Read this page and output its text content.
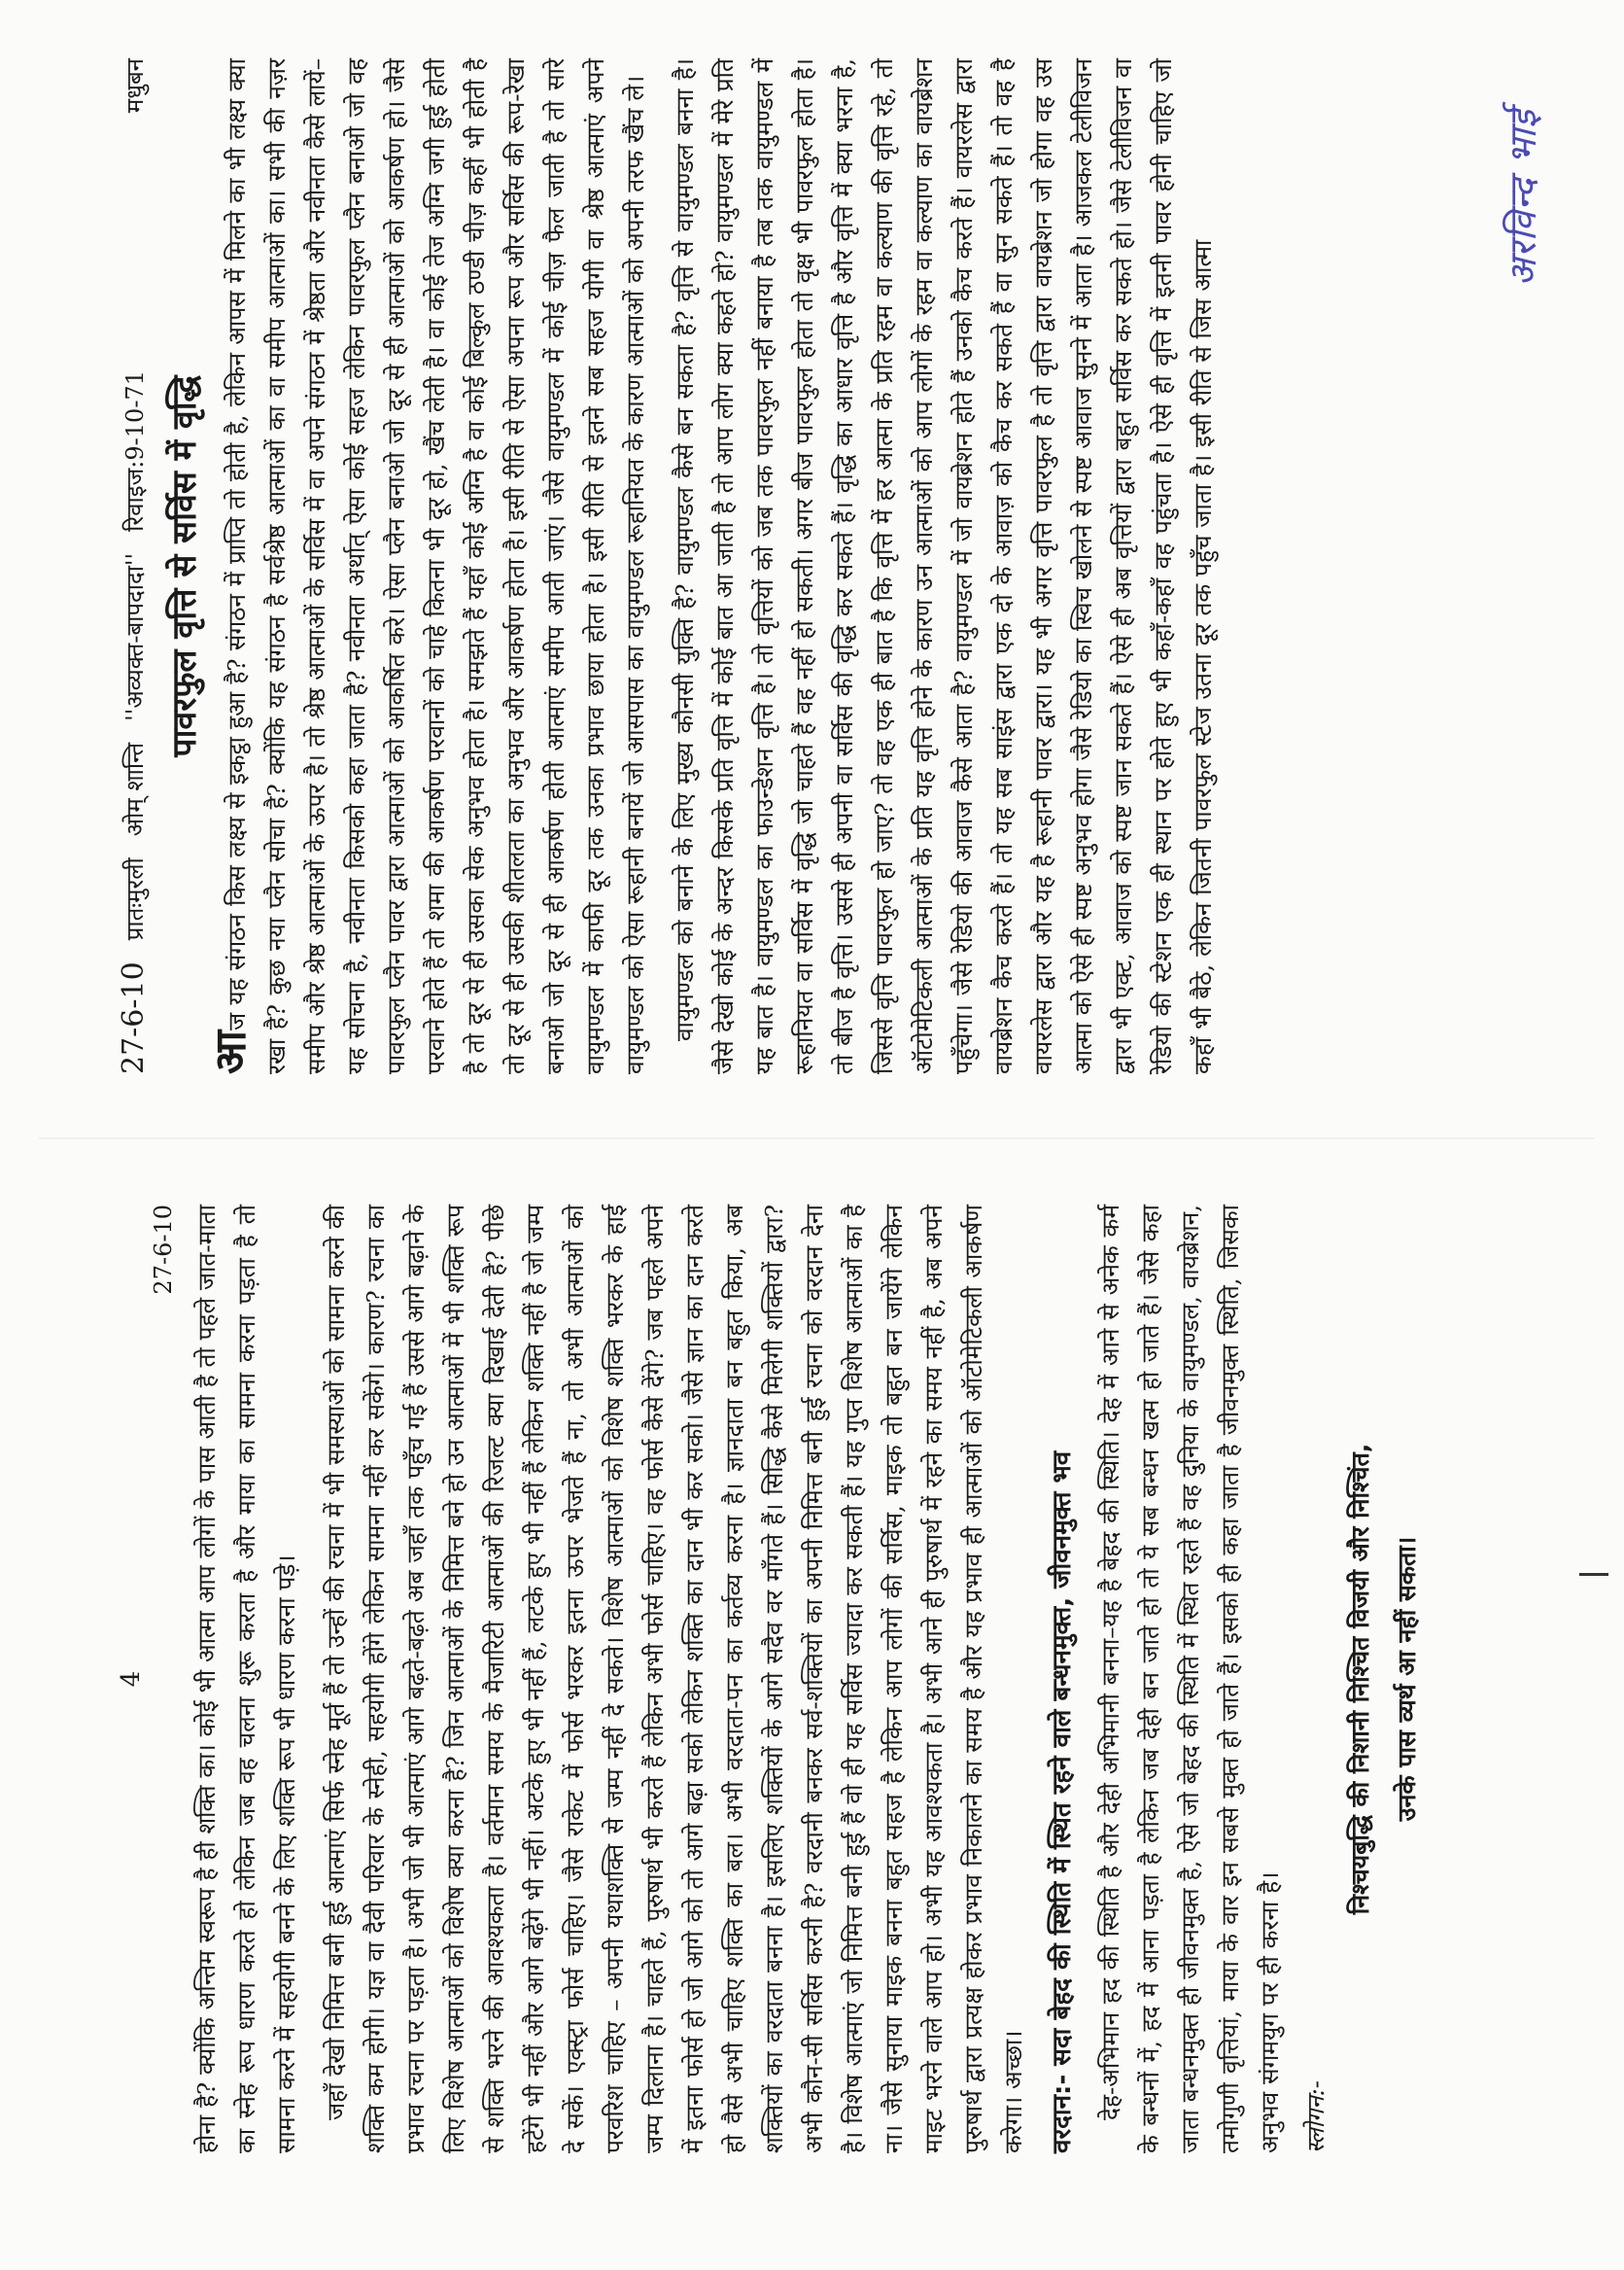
4
27-6-10 होना है? क्योंकि अन्तिम स्वरूप है ही शक्ति का। कोई भी आत्मा आप लोगों के पास आती है तो पहले जात-माता का स्नेह रूप धारण करते हो लेकिन जब वह चलना शुरू करता है और माया का सामना करना पड़ता है तो सामना करने में सहयोगी बनने के लिए शक्ति रूप भी धारण करना पड़े। जहाँ देखो निमित्त बनी हुई आत्माएं सिर्फ स्नेह मूर्त हैं तो उन्हों की रचना में भी समस्याओं को सामना करने की शक्ति कम होगी। यज्ञ वा दैवी परिवार के स्नेही, सहयोगी होंगे लेकिन सामना नहीं कर सकेंगे। कारण? रचना का प्रभाव रचना पर पड़ता है। अभी जो भी आत्माएं आगे बढ़ते-बढ़ते अब जहाँ तक पहुँच गई हैं उससे आगे बढ़ाने के लिए विशेष आत्माओं को विशेष क्या करना है? जिन आत्माओं के निमित्त बने हो उन आत्माओं में भी शक्ति रूप से शक्ति भरने की आवश्यकता है। वर्तमान समय के मैजारिटी आत्माओं की रिजल्ट क्या दिखाई देती है? पीछे हटेंगे भी नहीं और आगे बढ़ेंगे भी नहीं। अटके हुए भी नहीं हैं, लटके हुए भी नहीं हैं लेकिन शक्ति नहीं है जो जम्प दे सकें। एक्स्ट्रा फोर्स चाहिए। जैसे राकेट में फोर्स भरकर इतना ऊपर भेजते हैं ना, तो अभी आत्माओं को परवरिश चाहिए – अपनी यथाशक्ति से जम्प नहीं दे सकते। विशेष आत्माओं को विशेष शक्ति भरकर के हाई जम्प दिलाना है। चाहते हैं, पुरुषार्थ भी करते हैं लेकिन अभी फोर्स चाहिए। वह फोर्स कैसे देंगे? जब पहले अपने में इतना फोर्स हो जो आगे को तो आगे बढ़ा सको लेकिन शक्ति का दान भी कर सको। जैसे ज्ञान का दान करते हो वैसे अभी चाहिए शक्ति का बल। अभी वरदाता-पन का कर्तव्य करना है। ज्ञानदाता बन बहुत किया, अब शक्तियों का वरदाता बनना है। इसलिए शक्तियों के आगे सदैव वर माँगते हैं। सिद्धि कैसे मिलेगी शक्तियों द्वारा? अभी कौन-सी सर्विस करनी है? वरदानी बनकर सर्व-शक्तियों का अपनी निमित्त बनी हुई रचना को वरदान देना है। विशेष आत्माएं जो निमित्त बनी हुई हैं वो ही यह सर्विस ज्यादा कर सकती हैं। यह गुप्त विशेष आत्माओं का है ना। जैसे सुनाया माइक बनना बहुत सहज है लेकिन आप लोगों की सर्विस, माइक तो बहुत बन जायेंगे लेकिन माइट भरने वाले आप हो। अभी यह आवश्यकता है। अभी आने ही पुरुषार्थ में रहने का समय नहीं है, अब अपने पुरुषार्थ द्वारा प्रत्यक्ष होकर प्रभाव निकालने का समय है और यह प्रभाव ही आत्माओं को ऑटोमेटिकली आकर्षण करेगा। अच्छा। वरदान:- सदा बेहद की स्थिति में स्थित रहने वाले बन्धनमुक्त, जीवनमुक्त भव देह-अभिमान हद की स्थिति है और देही अभिमानी बनना–यह है बेहद की स्थिति। देह में आने से अनेक कर्म के बन्धनों में, हद में आना पड़ता है लेकिन जब देही बन जाते हो तो ये सब बन्धन खत्म हो जाते हैं। जैसे कहा जाता बन्धनमुक्त ही जीवनमुक्त है, ऐसे जो बेहद की स्थिति में स्थित रहते हैं वह दुनिया के वायुमण्डल, वायब्रेशन, तमोगुणी वृत्तियां, माया के वार इन सबसे मुक्त हो जाते हैं। इसको ही कहा जाता है जीवनमुक्त स्थिति, जिसका अनुभव संगमयुग पर ही करना है। स्लोगन:-
निश्चयबुद्धि की निशानी निश्चित विजयी और निश्चिंत, उनके पास व्यर्थ आ नहीं सकता।
27-6-10
प्रातःमुरली
ओम् शान्ति
''अव्यक्त-बापदादा''
रिवाइज:9-10-71
मधुबन
पावरफुल वृत्ति से सर्विस में वृद्धि

आज यह संगठन किस लक्ष्य से इकट्ठा हुआ है? संगठन में प्राप्ति तो होती है, लेकिन आपस में मिलने का भी लक्ष्य क्या रखा है? कुछ नया प्लैन सोचा है? क्योंकि यह संगठन है सर्वश्रेष्ठ आत्माओं का वा समीप आत्माओं का। सभी की नज़र समीप और श्रेष्ठ आत्माओं के ऊपर है। तो श्रेष्ठ आत्माओं के सर्विस में वा अपने संगठन में श्रेष्ठता और नवीनता कैसे लायें–यह सोचना है, नवीनता किसको कहा जाता है? नवीनता अर्थात् ऐसा कोई सहज लेकिन पावरफुल प्लैन बनाओ जो वह पावरफुल प्लैन पावर द्वारा आत्माओं को आकर्षित करे। ऐसा प्लैन बनाओ जो दूर से ही आत्माओं को आकर्षण हो। जैसे परवाने होते हैं तो शमा की आकर्षण परवानों को चाहे कितना भी दूर हो, खैंच लेती है। वा कोई तेज अग्नि जगी हुई होती है तो दूर से ही उसका सेक अनुभव होता है। समझते हैं यहाँ कोई अग्नि है वा कोई बिल्कुल ठण्डी चीज़ कहीं भी होती है तो दूर से ही उसकी शीतलता का अनुभव और आकर्षण होता है। इसी रीति से ऐसा अपना रूप और सर्विस की रूप-रेखा बनाओ जो दूर से ही आकर्षण होती आत्माएं समीप आती जाएं। जैसे वायुमण्डल में कोई चीज़ फैल जाती है तो सारे वायुमण्डल में काफी दूर तक उनका प्रभाव छाया होता है। इसी रीति से इतने सब सहज योगी वा श्रेष्ठ आत्माएं अपने वायुमण्डल को ऐसा रूहानी बनायें जो आसपास का वायुमण्डल रूहानियत के कारण आत्माओं को अपनी तरफ खैंच ले। वायुमण्डल को बनाने के लिए मुख्य कौनसी युक्ति है? वायुमण्डल कैसे बन सकता है? वृत्ति से वायुमण्डल बनना है। जैसे देखो कोई के अन्दर किसके प्रति वृत्ति में कोई बात आ जाती है तो आप लोग क्या कहते हो? वायुमण्डल में मेरे प्रति यह बात है। वायुमण्डल का फाउन्डेशन वृत्ति है। तो वृत्तियों को जब तक पावरफुल नहीं बनाया है तब तक वायुमण्डल में रूहानियत वा सर्विस में वृद्धि जो चाहते हैं वह नहीं हो सकती। अगर बीज पावरफुल होता तो वृक्ष भी पावरफुल होता है। तो बीज है वृत्ति। उससे ही अपनी वा सर्विस की वृद्धि कर सकते हैं। वृद्धि का आधार वृत्ति है और वृत्ति में क्या भरना है, जिससे वृत्ति पावरफुल हो जाए? तो वह एक ही बात है कि वृत्ति में हर आत्मा के प्रति रहम वा कल्याण की वृत्ति रहे, तो ऑटोमेटिकली आत्माओं के प्रति यह वृत्ति होने के कारण उन आत्माओं को आप लोगों के रहम वा कल्याण का वायब्रेशन पहुँचेगा। जैसे रेडियो की आवाज कैसे आता है? वायुमण्डल में जो वायब्रेशन होते हैं उनको कैच करते हैं। वायरलेस द्वारा वायब्रेशन कैच करते हैं। तो यह सब साइंस द्वारा एक दो के आवाज़ को कैच कर सकते हैं वा सुन सकते हैं। तो वह है वायरलेस द्वारा और यह है रूहानी पावर द्वारा। यह भी अगर वृत्ति पावरफुल है तो वृत्ति द्वारा वायब्रेशन जो होगा वह उस आत्मा को ऐसे ही स्पष्ट अनुभव होगा जैसे रेडियो का स्विच खोलने से स्पष्ट आवाज सुनने में आता है। आजकल टेलीविजन द्वारा भी एक्ट, आवाज को स्पष्ट जान सकते हैं। ऐसे ही अब वृत्तियों द्वारा बहुत सर्विस कर सकते हो। जैसे टेलीविजन वा रेडियो की स्टेशन एक ही स्थान पर होते हुए भी कहाँ-कहाँ वह पहुंचता है। ऐसे ही वृत्ति में इतनी पावर होनी चाहिए जो कहाँ भी बैठे, लेकिन जितनी पावरफुल स्टेज उतना दूर तक पहुँच जाता है। इसी रीति से जिस आत्मा

अरविन्द भाई
